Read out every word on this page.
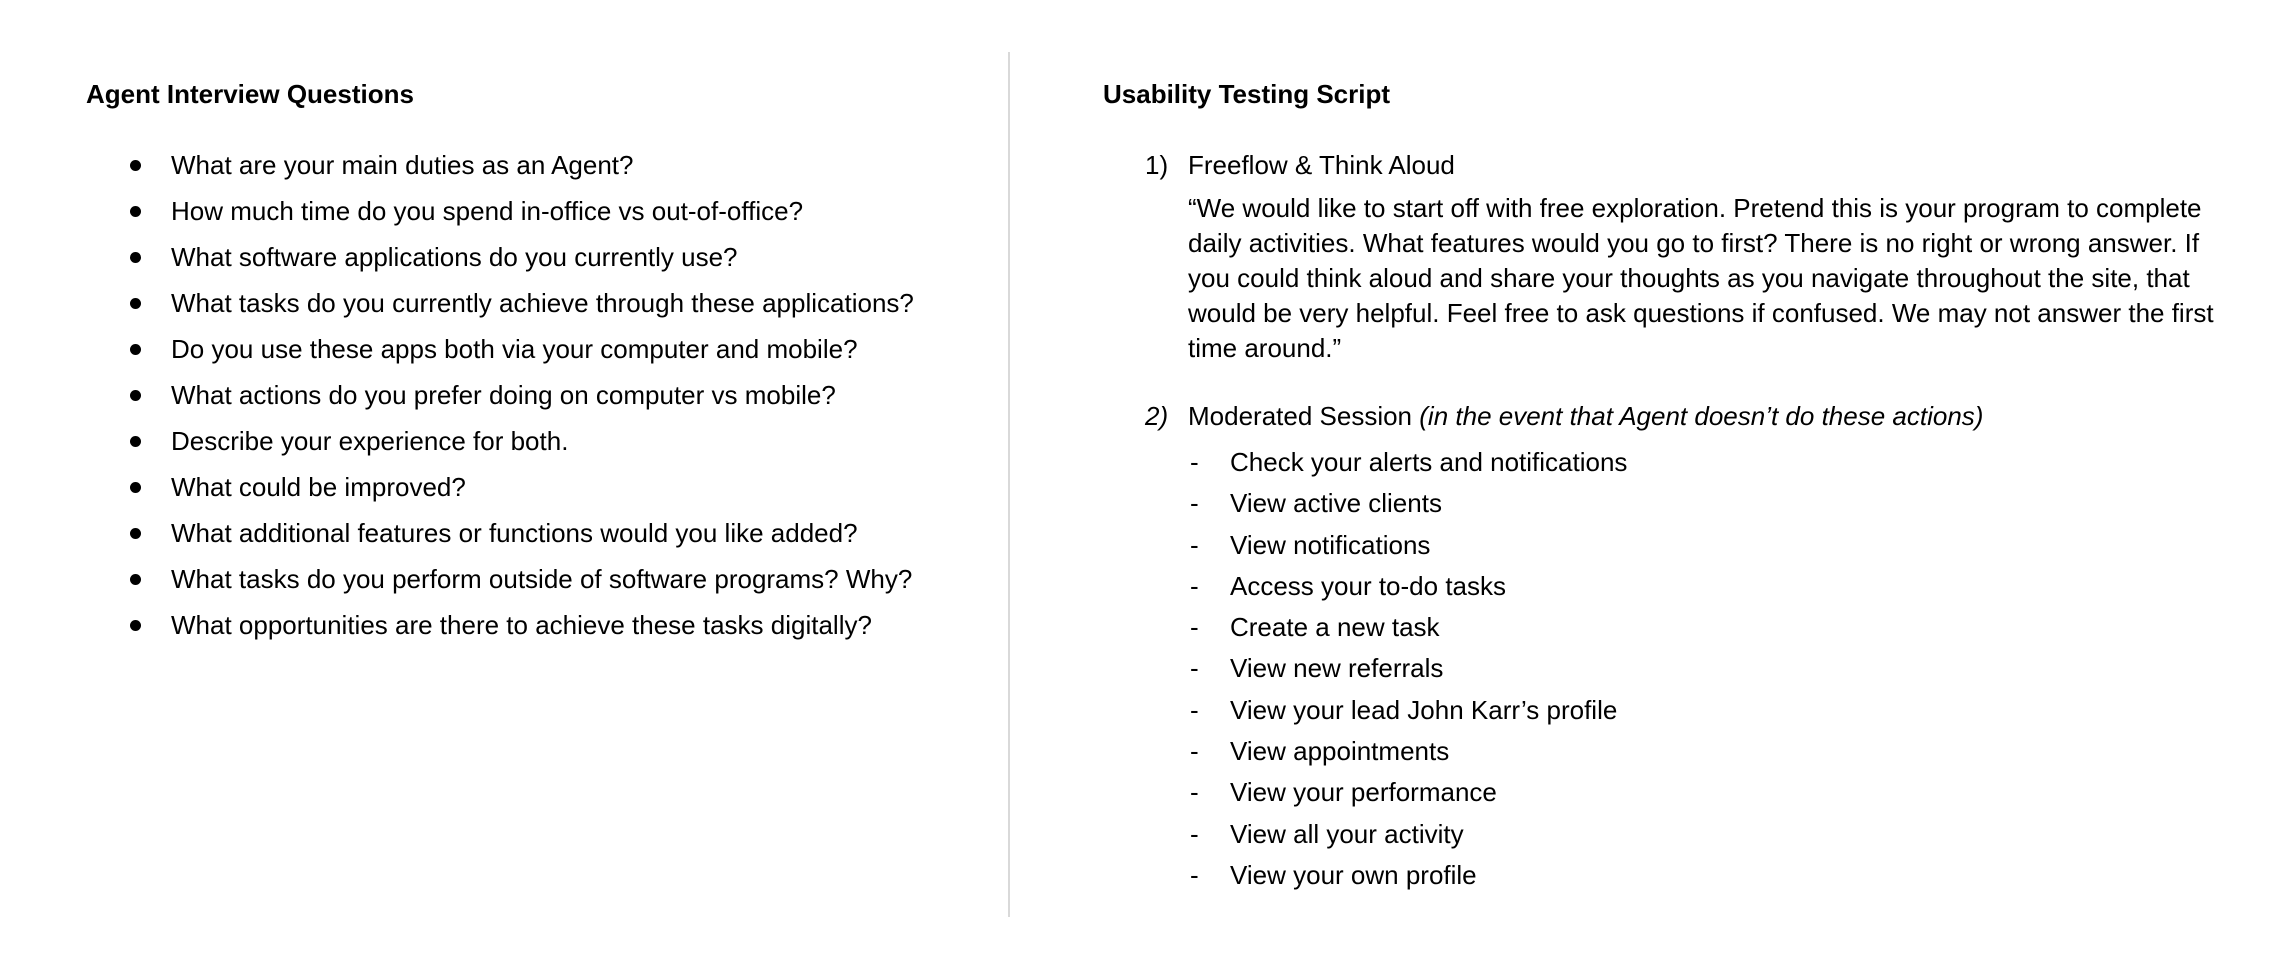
Agent Interview Questions
What are your main duties as an Agent?
How much time do you spend in-office vs out-of-office?
What software applications do you currently use?
What tasks do you currently achieve through these applications?
Do you use these apps both via your computer and mobile?
What actions do you prefer doing on computer vs mobile?
Describe your experience for both.
What could be improved?
What additional features or functions would you like added?
What tasks do you perform outside of software programs? Why?
What opportunities are there to achieve these tasks digitally?
Usability Testing Script
1) Freeflow & Think Aloud

“We would like to start off with free exploration. Pretend this is your program to complete daily activities. What features would you go to first? There is no right or wrong answer. If you could think aloud and share your thoughts as you navigate throughout the site, that would be very helpful. Feel free to ask questions if confused. We may not answer the first time around.”

2) Moderated Session (in the event that Agent doesn’t do these actions)
- Check your alerts and notifications
- View active clients
- View notifications
- Access your to-do tasks
- Create a new task
- View new referrals
- View your lead John Karr’s profile
- View appointments
- View your performance
- View all your activity
- View your own profile
